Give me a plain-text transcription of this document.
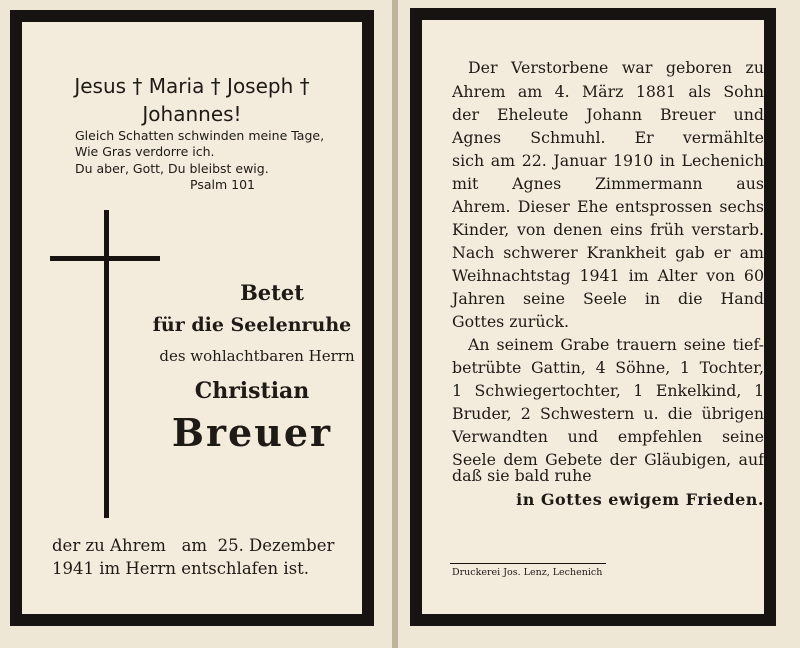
Jesus † Maria † Joseph †

Johannes!

Gleich Schatten schwinden meine Tage,

Wie Gras verdorre ich.

Du aber, Gott, Du bleibst ewig.

Psalm 101

Betet

für die Seelenruhe

des wohlachtbaren Herrn

Christian

Breuer

der zu Ahrem   am  25. Dezember

1941 im Herrn entschlafen ist.

Der Verstorbene war geboren zu

Ahrem am 4. März 1881 als Sohn

der Eheleute Johann Breuer und

Agnes Schmuhl. Er vermählte

sich am 22. Januar 1910 in Lechenich

mit Agnes Zimmermann aus

Ahrem. Dieser Ehe entsprossen sechs

Kinder, von denen eins früh verstarb.

Nach schwerer Krankheit gab er am

Weihnachtstag 1941 im Alter von 60

Jahren seine Seele in die Hand

Gottes zurück.

An seinem Grabe trauern seine tief-

betrübte Gattin, 4 Söhne, 1 Tochter,

1 Schwiegertochter, 1 Enkelkind, 1

Bruder, 2 Schwestern u. die übrigen

Verwandten und empfehlen seine

Seele dem Gebete der Gläubigen, auf

daß sie bald ruhe

in Gottes ewigem Frieden.

Druckerei Jos. Lenz, Lechenich
